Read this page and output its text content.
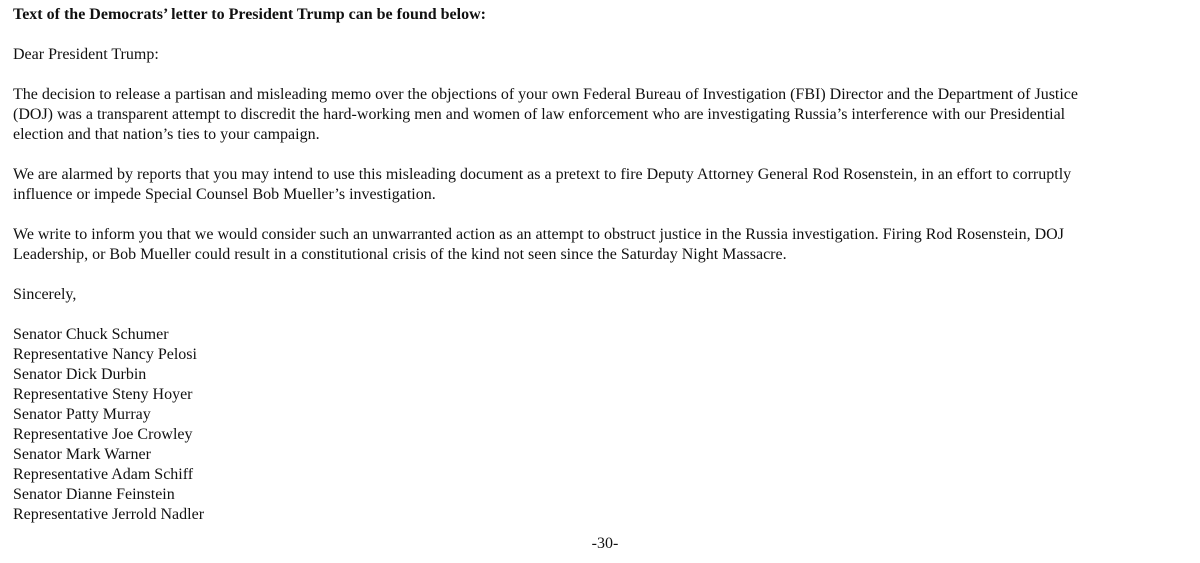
Text of the Democrats’ letter to President Trump can be found below:
Dear President Trump:
The decision to release a partisan and misleading memo over the objections of your own Federal Bureau of Investigation (FBI) Director and the Department of Justice
(DOJ) was a transparent attempt to discredit the hard-working men and women of law enforcement who are investigating Russia’s interference with our Presidential
election and that nation’s ties to your campaign.
We are alarmed by reports that you may intend to use this misleading document as a pretext to fire Deputy Attorney General Rod Rosenstein, in an effort to corruptly
influence or impede Special Counsel Bob Mueller’s investigation.
We write to inform you that we would consider such an unwarranted action as an attempt to obstruct justice in the Russia investigation. Firing Rod Rosenstein, DOJ
Leadership, or Bob Mueller could result in a constitutional crisis of the kind not seen since the Saturday Night Massacre.
Sincerely,
Senator Chuck Schumer
Representative Nancy Pelosi
Senator Dick Durbin
Representative Steny Hoyer
Senator Patty Murray
Representative Joe Crowley
Senator Mark Warner
Representative Adam Schiff
Senator Dianne Feinstein
Representative Jerrold Nadler
-30-
